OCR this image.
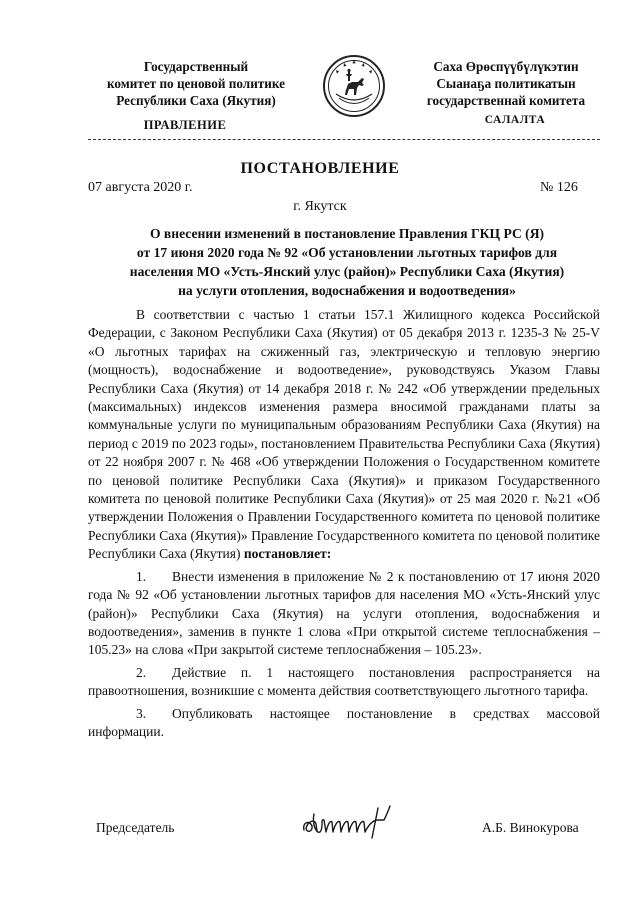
Государственный
комитет по ценовой политике
Республики Саха (Якутия)
Саха Өрөспүүбүлүкэтин
Сыанаҕа политикатын
государственнай комитета
ПРАВЛЕНИЕ	САЛАЛТА
ПОСТАНОВЛЕНИЕ
07 августа 2020 г.	№ 126
г. Якутск
О внесении изменений в постановление Правления ГКЦ РС (Я)
от 17 июня 2020 года № 92 «Об установлении льготных тарифов для
населения МО «Усть-Янский улус (район)» Республики Саха (Якутия)
на услуги отопления, водоснабжения и водоотведения»

В соответствии с частью 1 статьи 157.1 Жилищного кодекса Российской Федерации, с Законом Республики Саха (Якутия) от 05 декабря 2013 г. 1235-З № 25-V «О льготных тарифах на сжиженный газ, электрическую и тепловую энергию (мощность), водоснабжение и водоотведение», руководствуясь Указом Главы Республики Саха (Якутия) от 14 декабря 2018 г. № 242 «Об утверждении предельных (максимальных) индексов изменения размера вносимой гражданами платы за коммунальные услуги по муниципальным образованиям Республики Саха (Якутия) на период с 2019 по 2023 годы», постановлением Правительства Республики Саха (Якутия) от 22 ноября 2007 г. № 468 «Об утверждении Положения о Государственном комитете по ценовой политике Республики Саха (Якутия)» и приказом Государственного комитета по ценовой политике Республики Саха (Якутия)» от 25 мая 2020 г. №21 «Об утверждении Положения о Правлении Государственного комитета по ценовой политике Республики Саха (Якутия)» Правление Государственного комитета по ценовой политике Республики Саха (Якутия) постановляет:

1. Внести изменения в приложение № 2 к постановлению от 17 июня 2020 года № 92 «Об установлении льготных тарифов для населения МО «Усть-Янский улус (район)» Республики Саха (Якутия) на услуги отопления, водоснабжения и водоотведения», заменив в пункте 1 слова «При открытой системе теплоснабжения – 105.23» на слова «При закрытой системе теплоснабжения – 105.23».

2. Действие п. 1 настоящего постановления распространяется на правоотношения, возникшие с момента действия соответствующего льготного тарифа.

3. Опубликовать настоящее постановление в средствах массовой информации.

Председатель	А.Б. Винокурова
